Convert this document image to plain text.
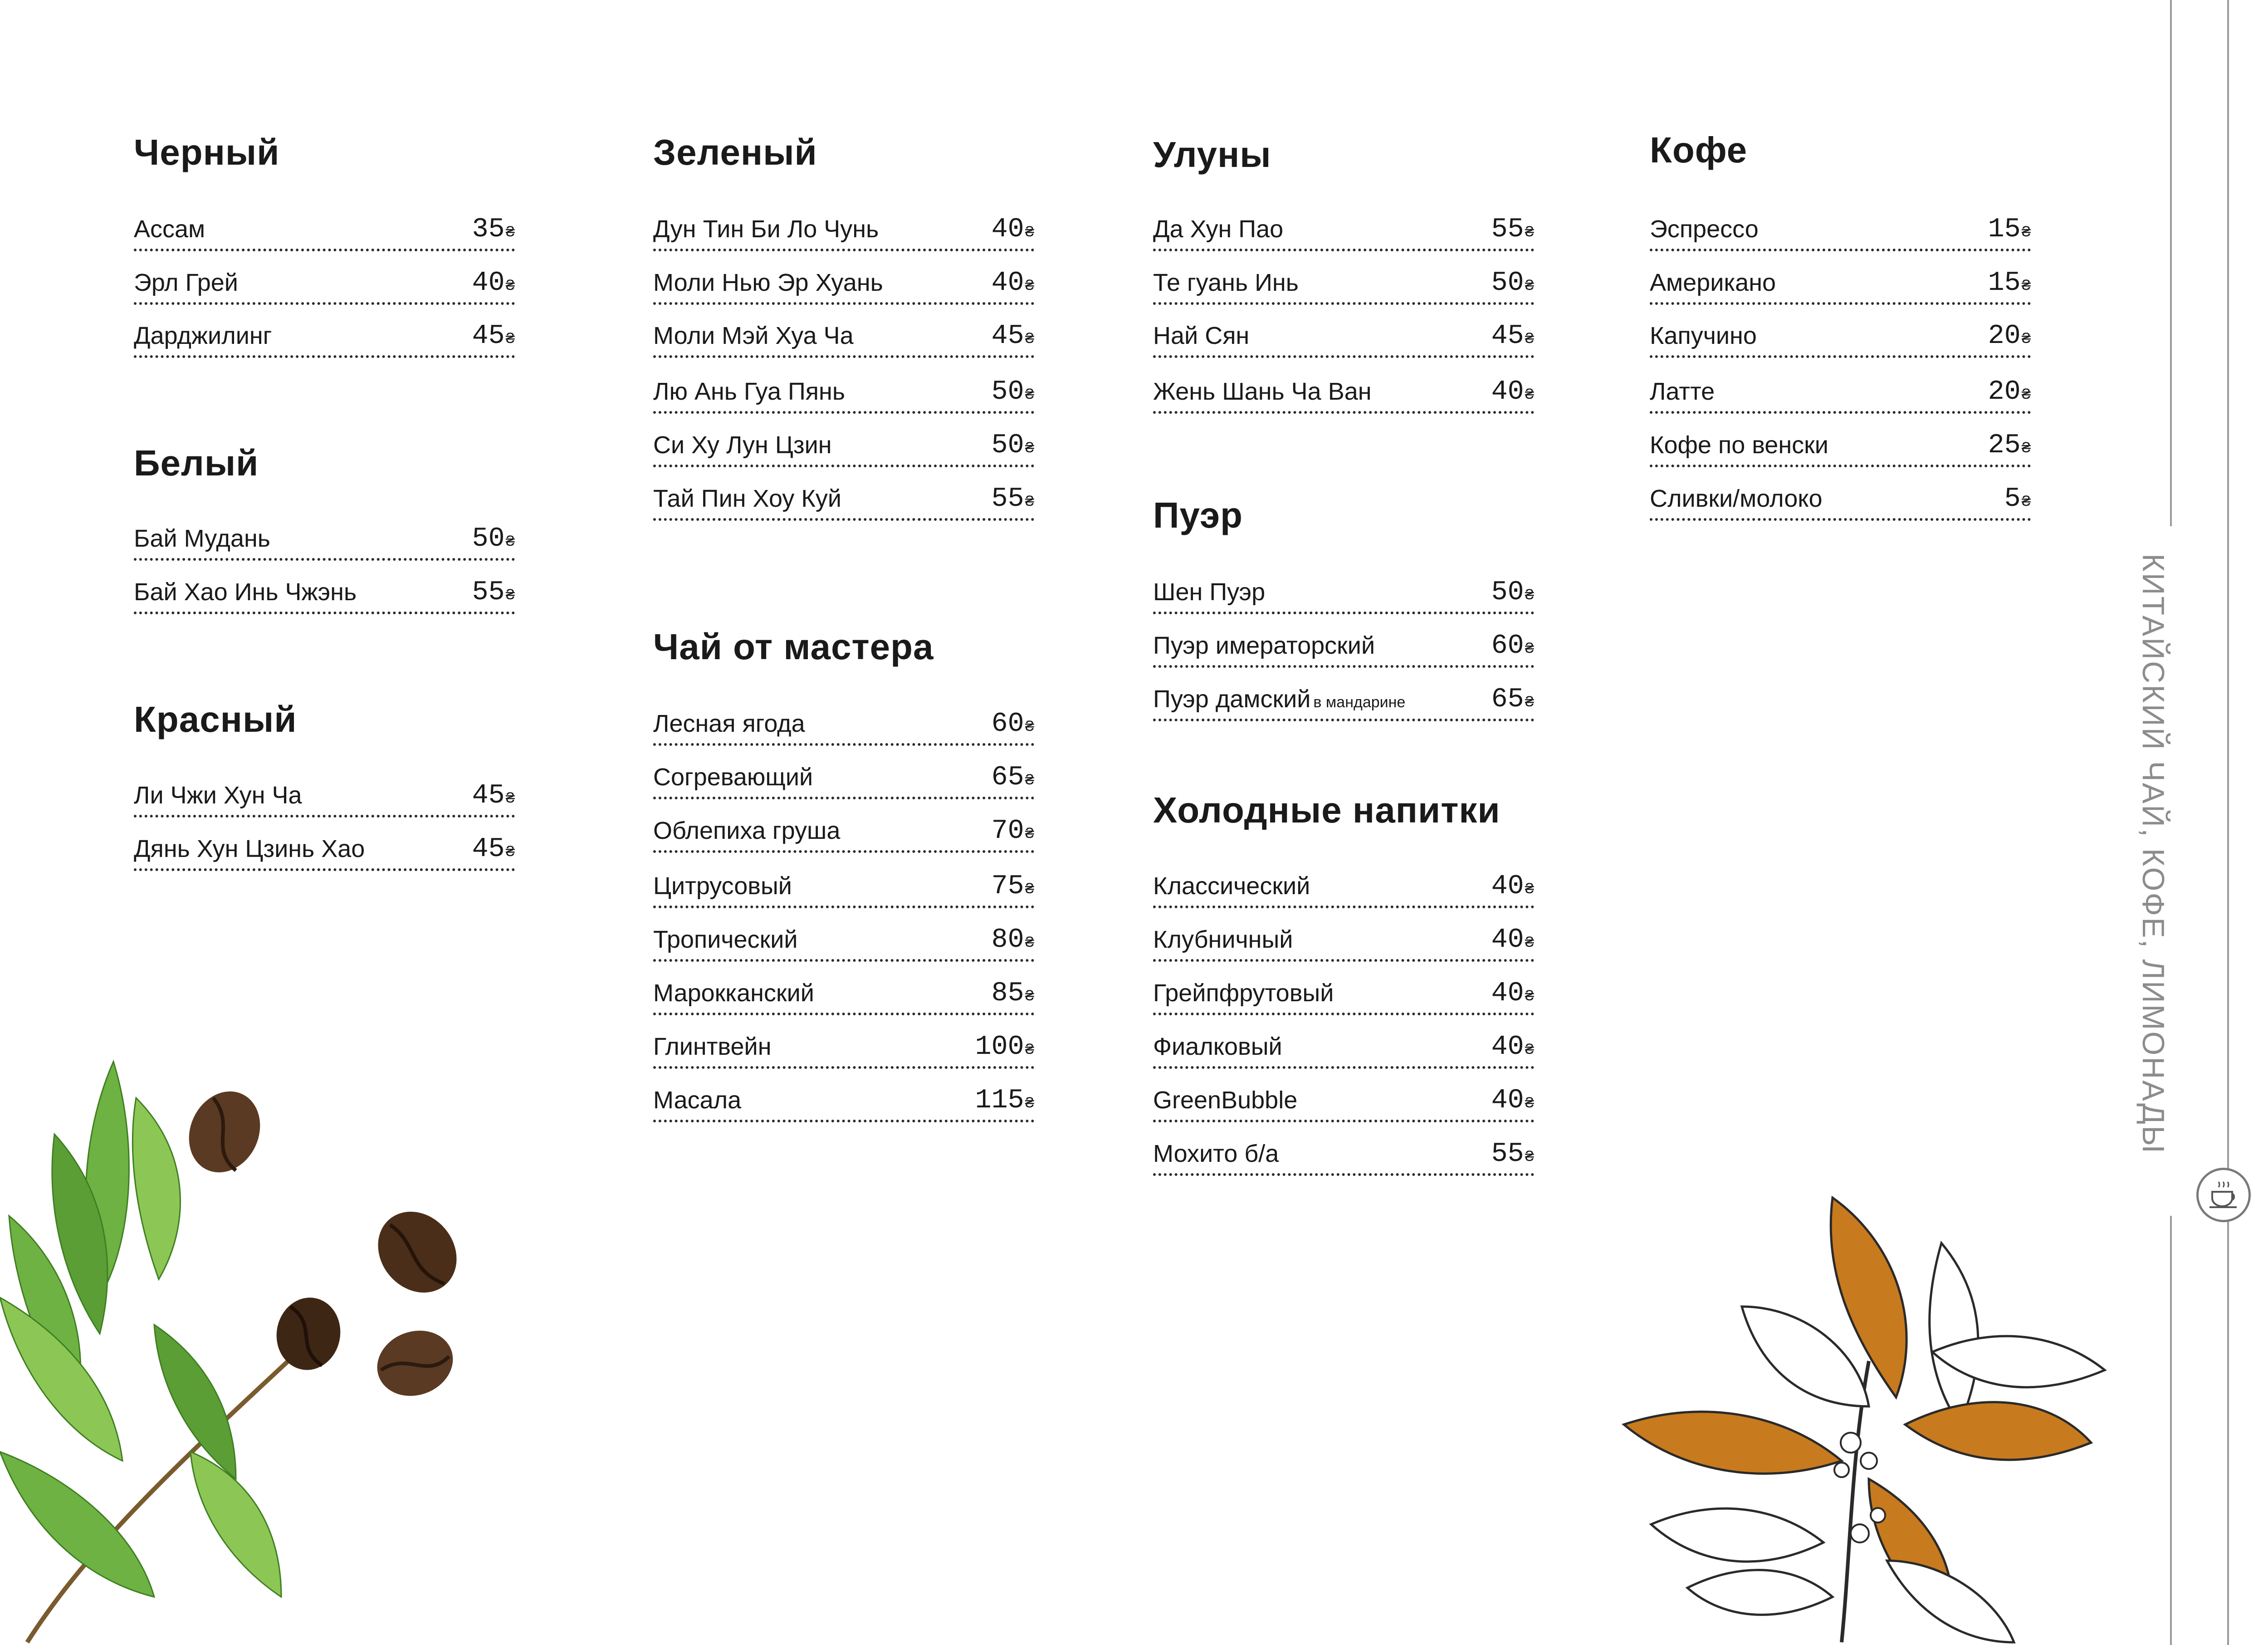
Черный
Ассам	35₴
Эрл Грей	40₴
Дарджилинг	45₴
Белый
Бай Мудань	50₴
Бай Хао Инь Чжэнь	55₴
Красный
Ли Чжи Хун Ча	45₴
Дянь Хун Цзинь Хао	45₴
Зеленый
Дун Тин Би Ло Чунь	40₴
Моли Нью Эр Хуань	40₴
Моли Мэй Хуа Ча	45₴
Лю Ань Гуа Пянь	50₴
Си Ху Лун Цзин	50₴
Тай Пин Хоу Куй	55₴
Чай от мастера
Лесная ягода	60₴
Согревающий	65₴
Облепиха груша	70₴
Цитрусовый	75₴
Тропический	80₴
Марокканский	85₴
Глинтвейн	100₴
Масала	115₴
Улуны
Да Хун Пао	55₴
Те гуань Инь	50₴
Най Сян	45₴
Жень Шань Ча Ван	40₴
Пуэр
Шен Пуэр	50₴
Пуэр имераторский	60₴
Пуэр дамский в мандарине	65₴
Холодные напитки
Классический	40₴
Клубничный	40₴
Грейпфрутовый	40₴
Фиалковый	40₴
GreenBubble	40₴
Мохито б/а	55₴
Кофе
Эспрессо	15₴
Американо	15₴
Капучино	20₴
Латте	20₴
Кофе по венски	25₴
Сливки/молоко	5₴
КИТАЙСКИЙ ЧАЙ, КОФЕ, ЛИМОНАДЫ
